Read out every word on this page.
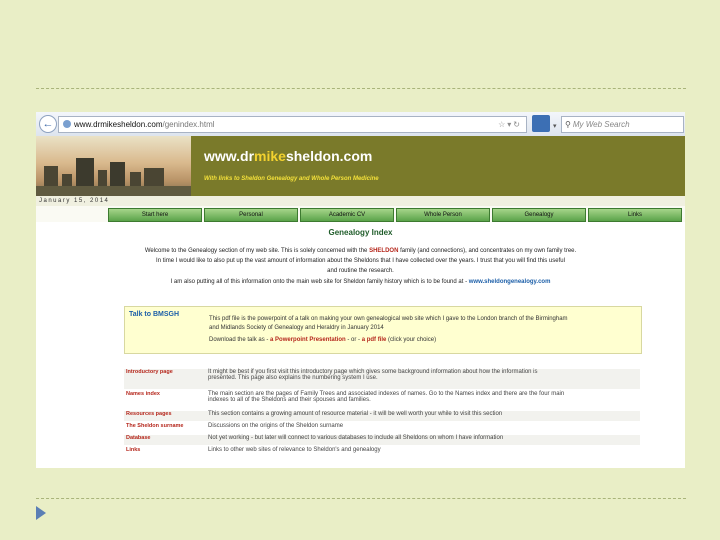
←	www.drmikesheldon.com/genindex.html	☆▾↻	▾	⚲ My Web Search
www.drmikesheldon.com
With links to Sheldon Genealogy and Whole Person Medicine
January 15, 2014
Start here	Personal	Academic CV	Whole Person	Genealogy	Links
Genealogy Index
Welcome to the Genealogy section of my web site. This is solely concerned with the SHELDON family (and connections), and concentrates on my own family tree.
In time I would like to also put up the vast amount of information about the Sheldons that I have collected over the years. I trust that you will find this useful
and routine the research.
I am also putting all of this information onto the main web site for Sheldon family history which is to be found at - www.sheldongenealogy.com
Talk to BMSGH
This pdf file is the powerpoint of a talk on making your own genealogical web site which I gave to the London branch of the Birmingham
and Midlands Society of Genealogy and Heraldry in January 2014
Download the talk as - a Powerpoint Presentation - or - a pdf file (click your choice)
Introductory page	It might be best if you first visit this introductory page which gives some background information about how the information is
presented. This page also explains the numbering system I use.
Names index	The main section are the pages of Family Trees and associated indexes of names. Go to the Names index and there are the four main
indexes to all of the Sheldons and their spouses and families.
Resources pages	This section contains a growing amount of resource material - it will be well worth your while to visit this section
The Sheldon surname	Discussions on the origins of the Sheldon surname
Database	Not yet working - but later will connect to various databases to include all Sheldons on whom I have information
Links	Links to other web sites of relevance to Sheldon's and genealogy
